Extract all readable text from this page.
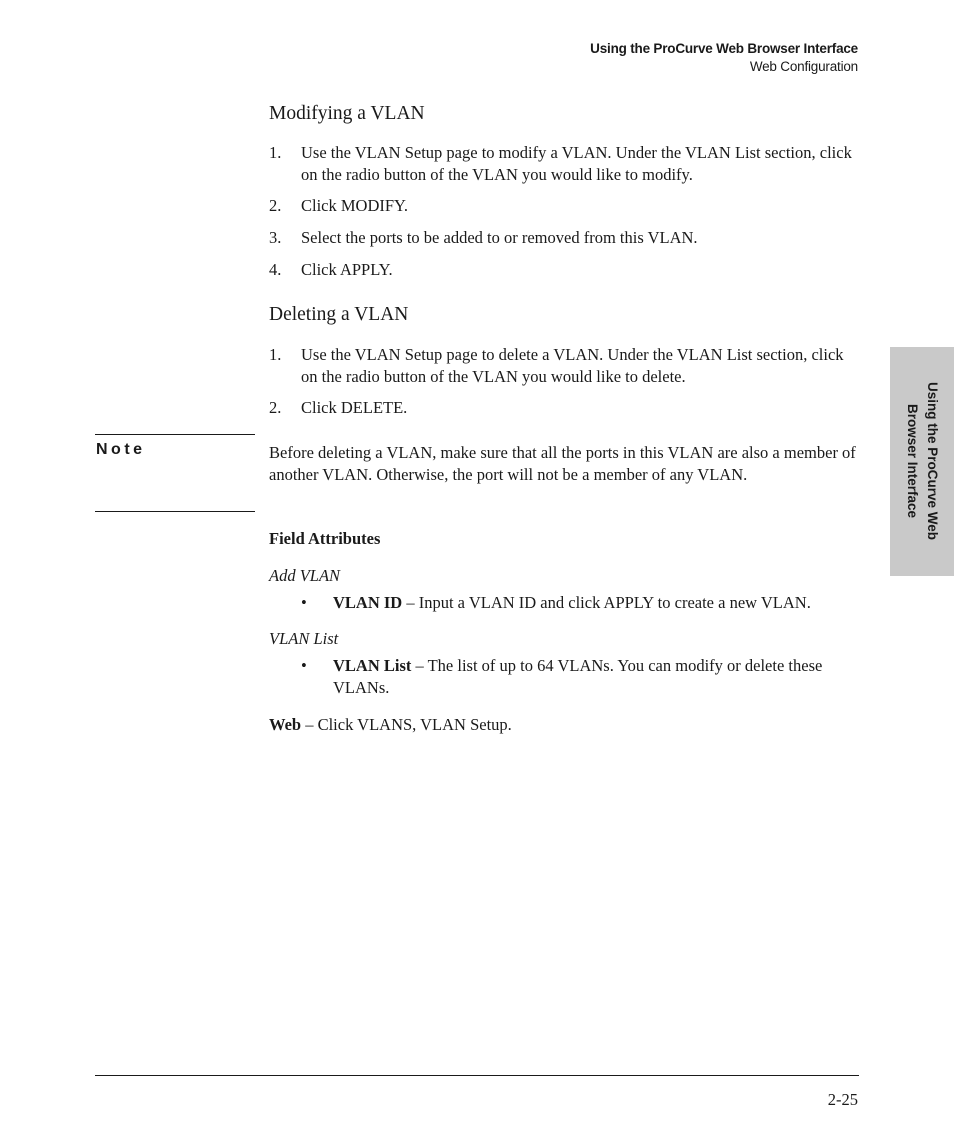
Using the ProCurve Web Browser Interface
Web Configuration
Using the ProCurve Web
Browser Interface
Modifying a VLAN
1. Use the VLAN Setup page to modify a VLAN. Under the VLAN List section, click on the radio button of the VLAN you would like to modify.
2. Click MODIFY.
3. Select the ports to be added to or removed from this VLAN.
4. Click APPLY.
Deleting a VLAN
1. Use the VLAN Setup page to delete a VLAN. Under the VLAN List section, click on the radio button of the VLAN you would like to delete.
2. Click DELETE.
Note	Before deleting a VLAN, make sure that all the ports in this VLAN are also a member of another VLAN. Otherwise, the port will not be a member of any VLAN.
Field Attributes
Add VLAN
• VLAN ID – Input a VLAN ID and click APPLY to create a new VLAN.
VLAN List
• VLAN List – The list of up to 64 VLANs. You can modify or delete these VLANs.
Web – Click VLANS, VLAN Setup.
2-25
